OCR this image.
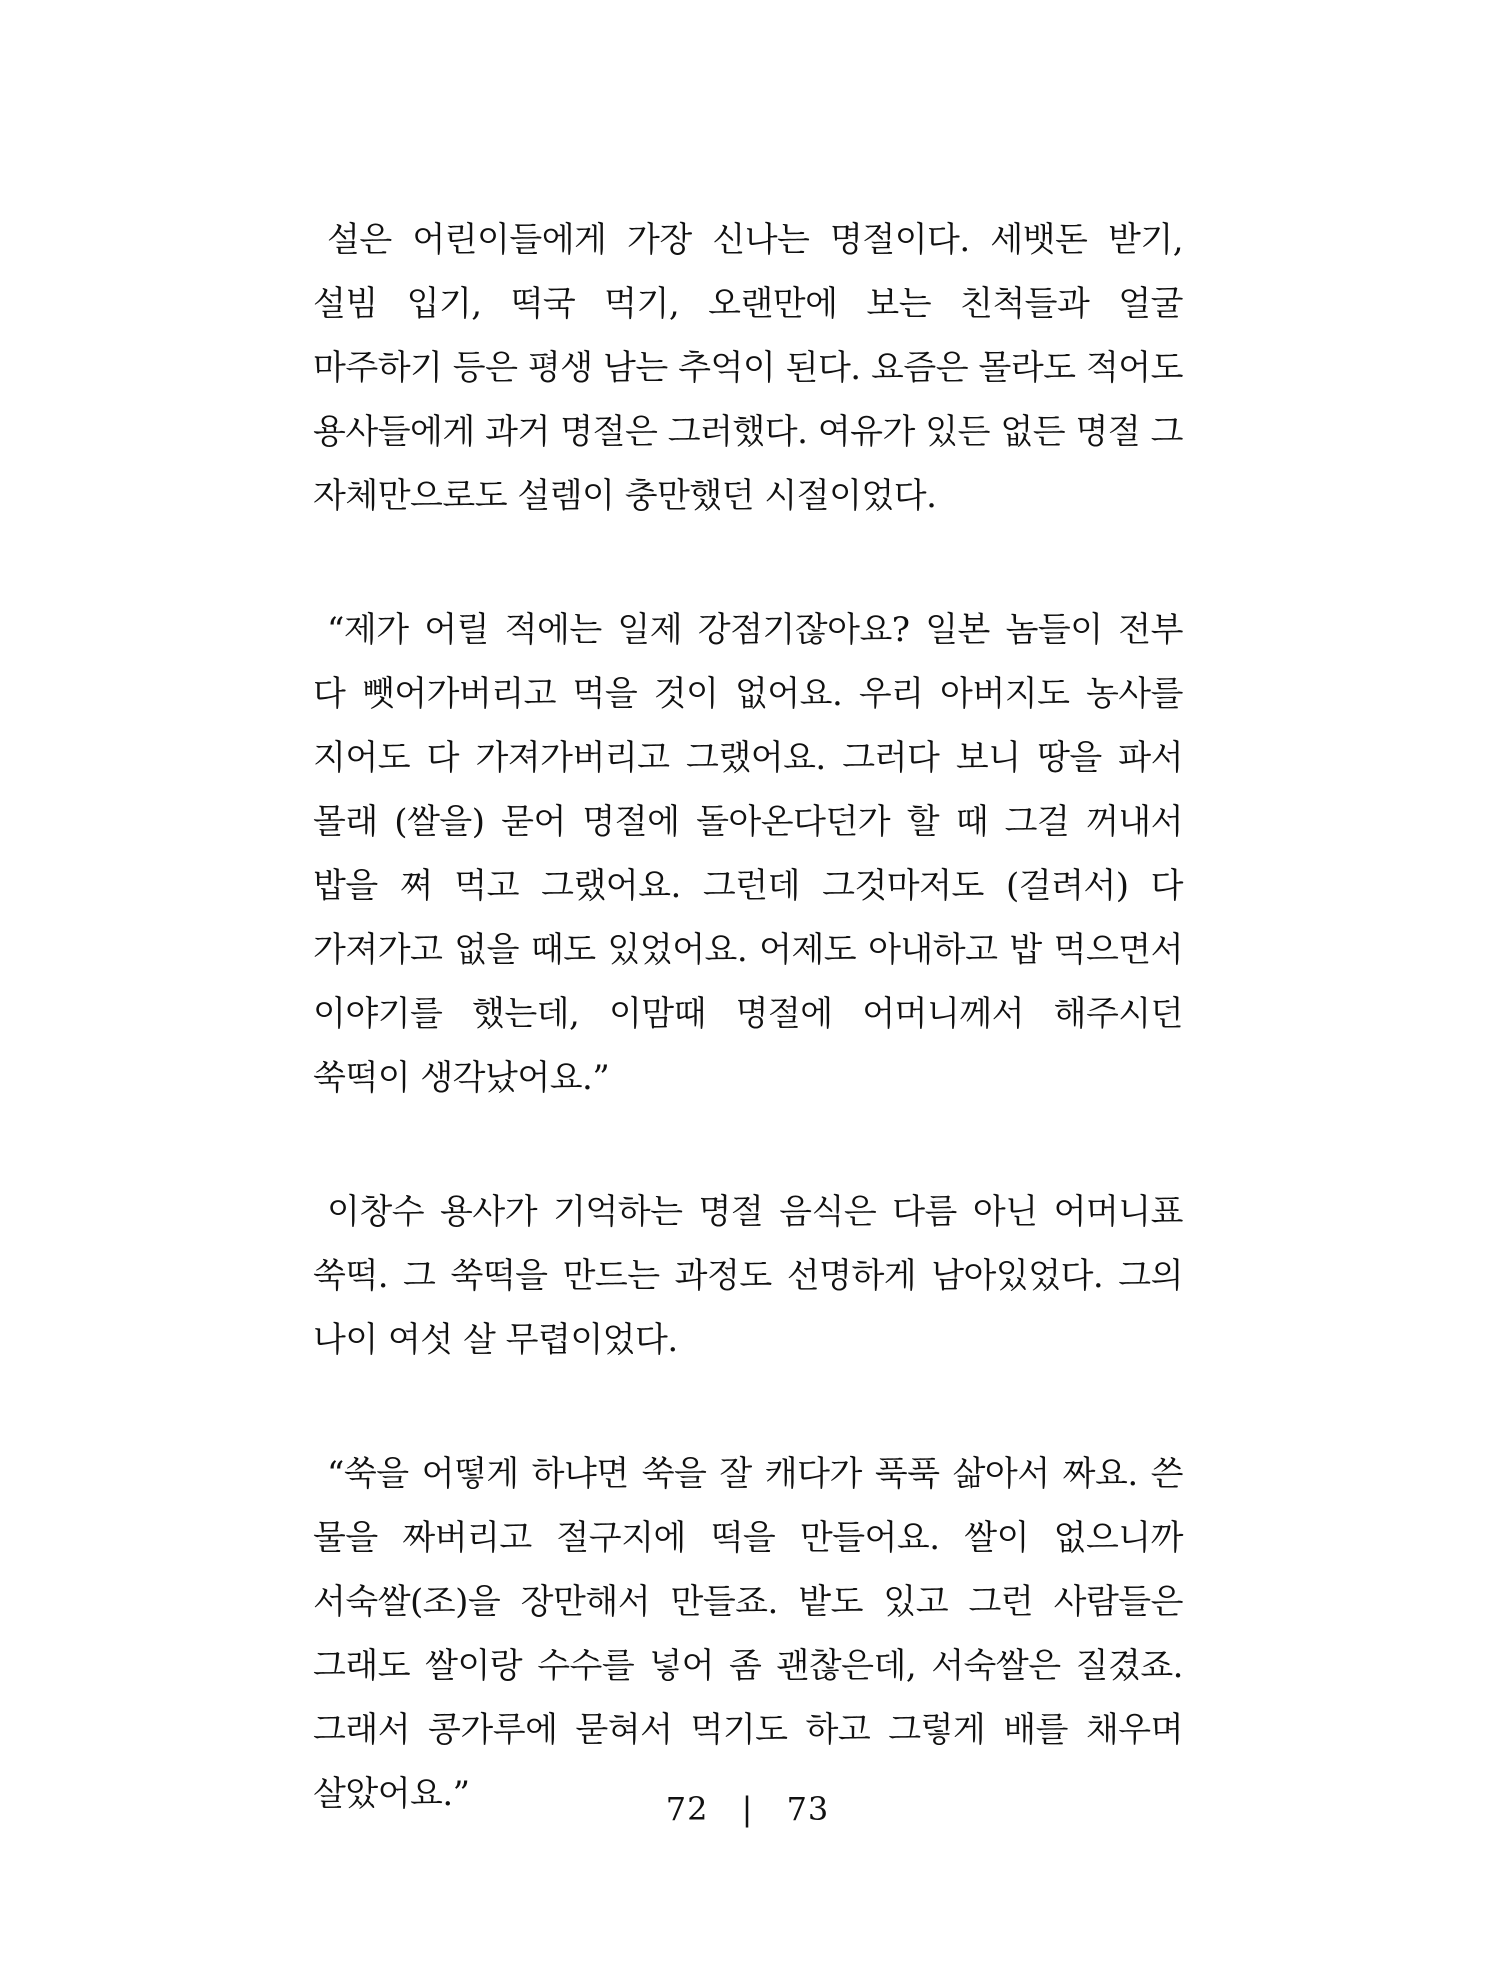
설은 어린이들에게 가장 신나는 명절이다. 세뱃돈 받기, 설빔 입기, 떡국 먹기, 오랜만에 보는 친척들과 얼굴 마주하기 등은 평생 남는 추억이 된다. 요즘은 몰라도 적어도 용사들에게 과거 명절은 그러했다. 여유가 있든 없든 명절 그 자체만으로도 설렘이 충만했던 시절이었다.

“제가 어릴 적에는 일제 강점기잖아요? 일본 놈들이 전부 다 뺏어가버리고 먹을 것이 없어요. 우리 아버지도 농사를 지어도 다 가져가버리고 그랬어요. 그러다 보니 땅을 파서 몰래 (쌀을) 묻어 명절에 돌아온다던가 할 때 그걸 꺼내서 밥을 쪄 먹고 그랬어요. 그런데 그것마저도 (걸려서) 다 가져가고 없을 때도 있었어요. 어제도 아내하고 밥 먹으면서 이야기를 했는데, 이맘때 명절에 어머니께서 해주시던 쑥떡이 생각났어요.”

이창수 용사가 기억하는 명절 음식은 다름 아닌 어머니표 쑥떡. 그 쑥떡을 만드는 과정도 선명하게 남아있었다. 그의 나이 여섯 살 무렵이었다.

“쑥을 어떻게 하냐면 쑥을 잘 캐다가 푹푹 삶아서 짜요. 쓴 물을 짜버리고 절구지에 떡을 만들어요. 쌀이 없으니까 서숙쌀(조)을 장만해서 만들죠. 밭도 있고 그런 사람들은 그래도 쌀이랑 수수를 넣어 좀 괜찮은데, 서숙쌀은 질겼죠. 그래서 콩가루에 묻혀서 먹기도 하고 그렇게 배를 채우며 살았어요.”	72 | 73
